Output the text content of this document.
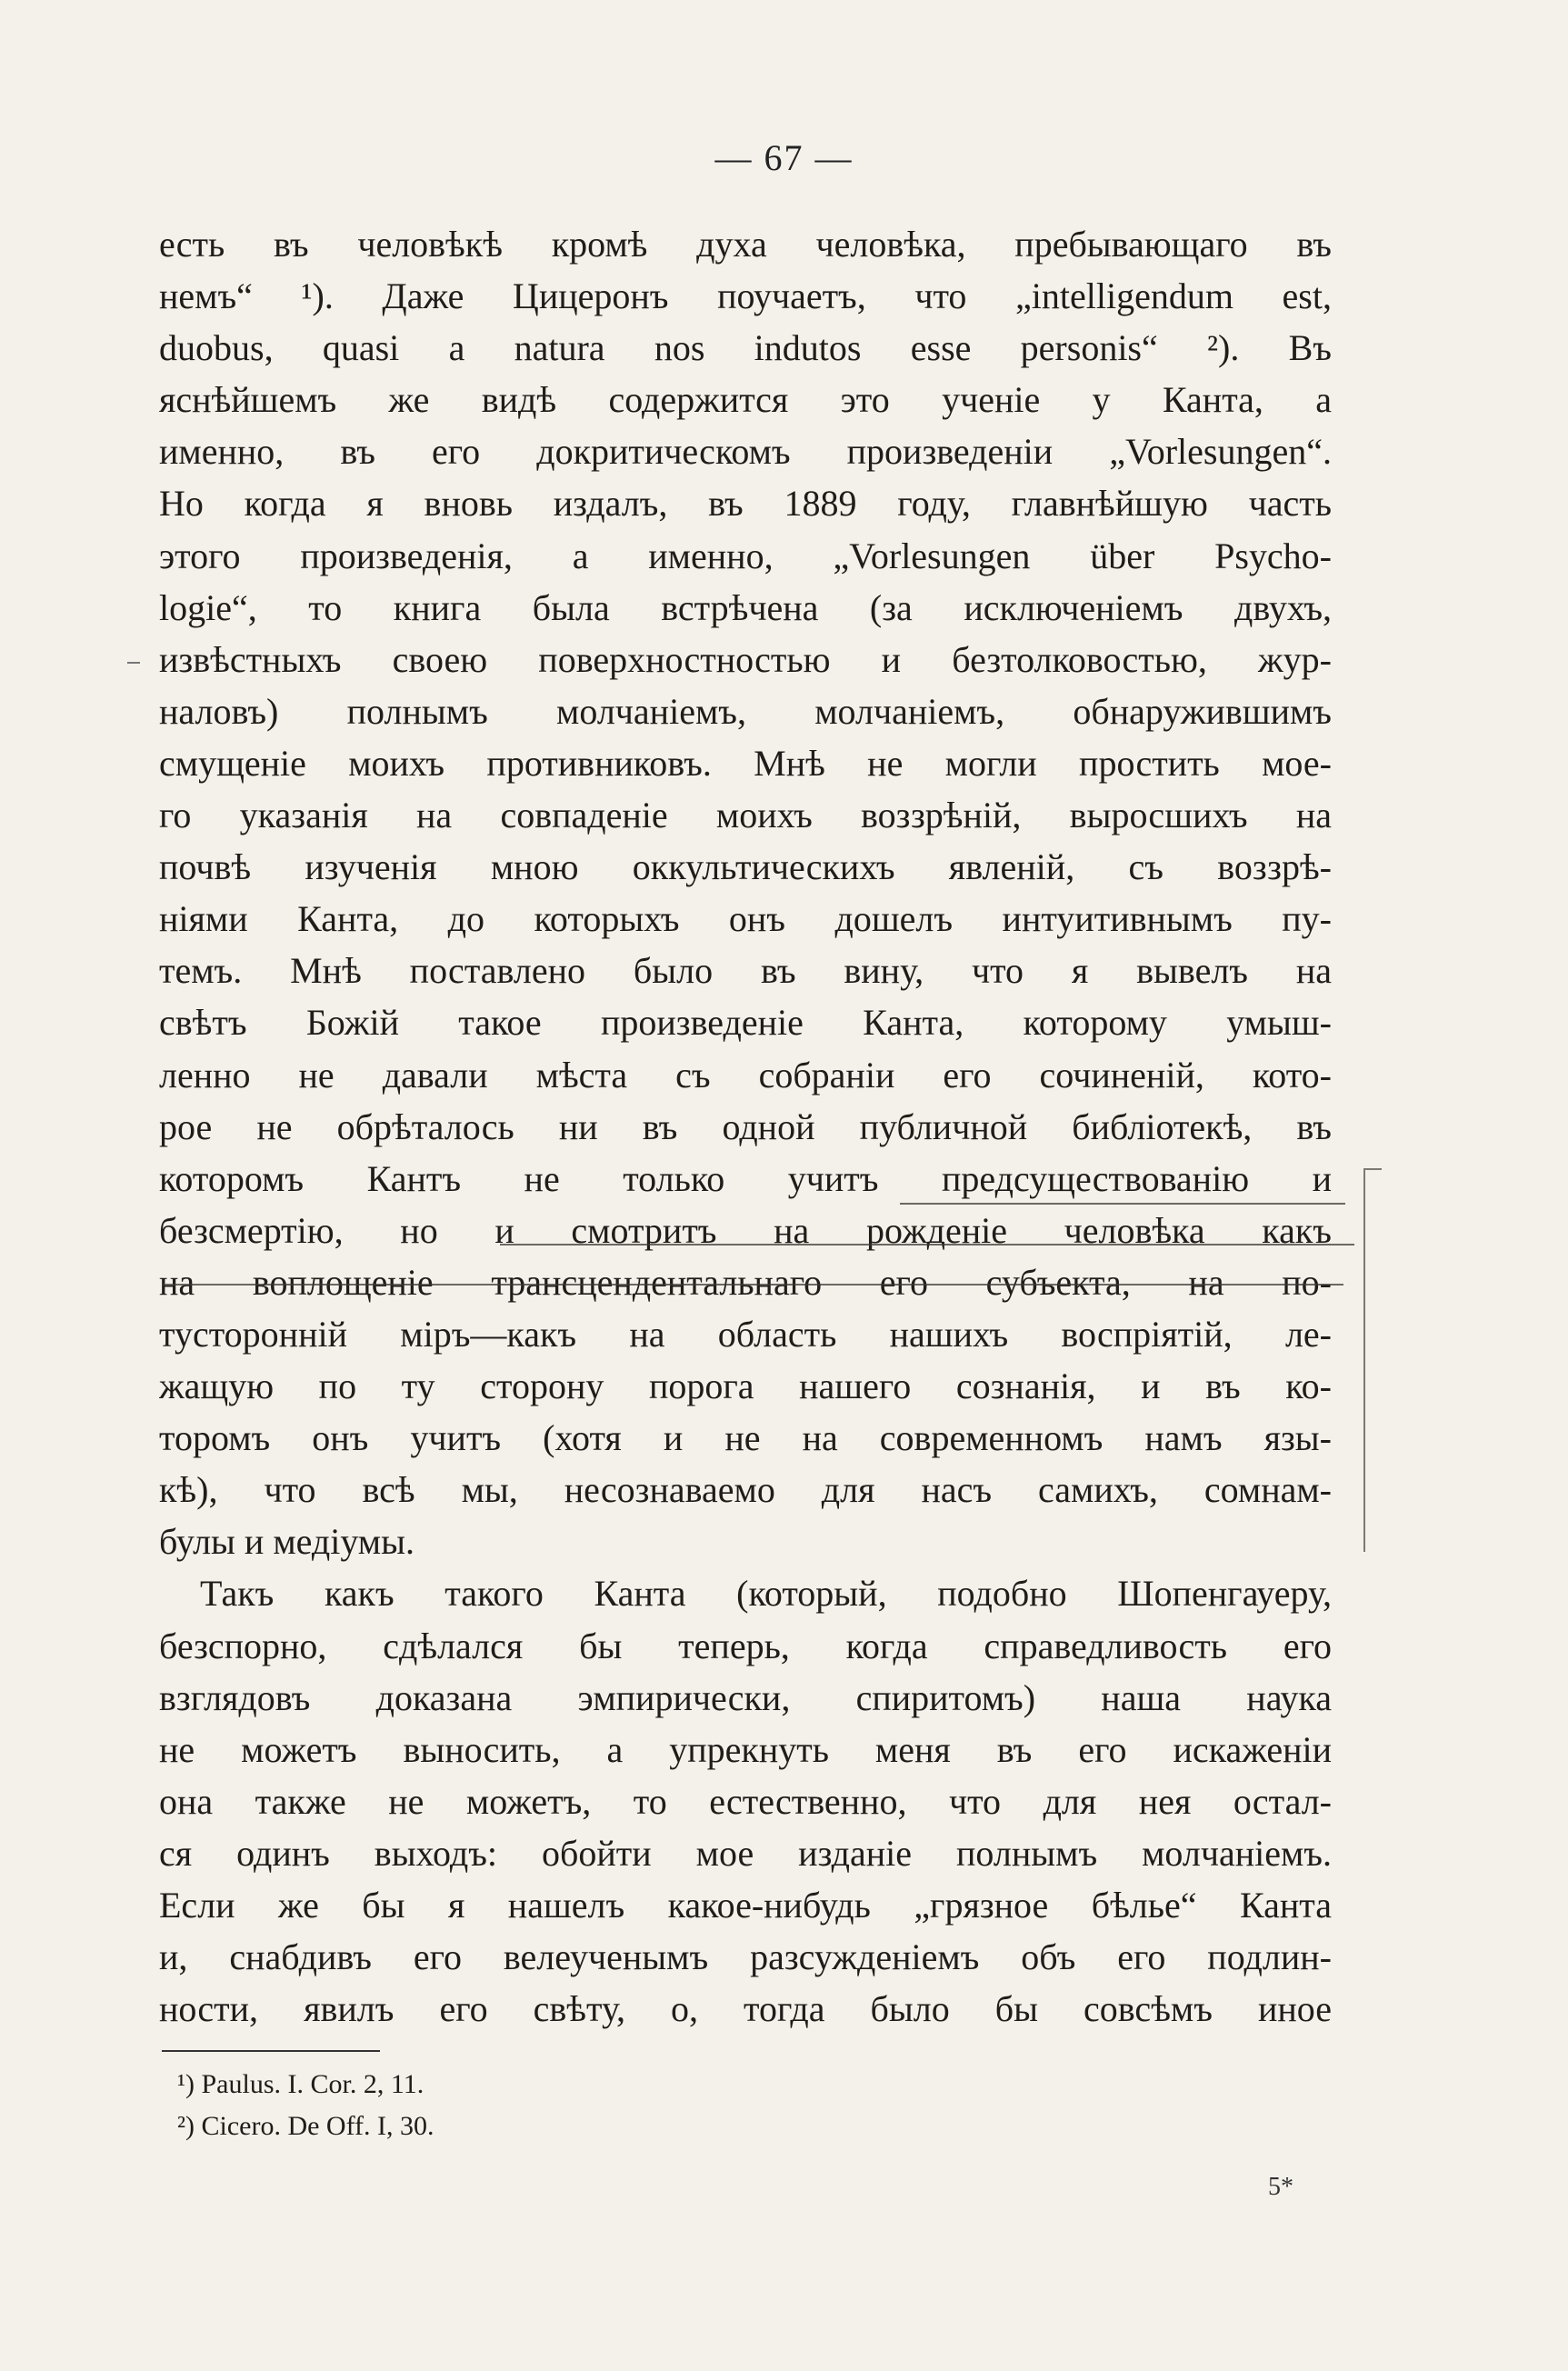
— 67 —
есть въ человѣкѣ кромѣ духа человѣка, пребывающаго въ
немъ“ ¹). Даже Цицеронъ поучаетъ, что „intelligendum est,
duobus, quasi a natura nos indutos esse personis“ ²). Въ
яснѣйшемъ же видѣ содержится это ученіе у Канта, а
именно, въ его докритическомъ произведеніи „Vorlesungen“.
Но когда я вновь издалъ, въ 1889 году, главнѣйшую часть
этого произведенія, а именно, „Vorlesungen über Psycho-
logie“, то книга была встрѣчена (за исключеніемъ двухъ,
извѣстныхъ своею поверхностностью и безтолковостью, жур-
наловъ) полнымъ молчаніемъ, молчаніемъ, обнаружившимъ
смущеніе моихъ противниковъ. Мнѣ не могли простить мое-
го указанія на совпаденіе моихъ воззрѣній, выросшихъ на
почвѣ изученія мною оккультическихъ явленій, съ воззрѣ-
ніями Канта, до которыхъ онъ дошелъ интуитивнымъ пу-
темъ. Мнѣ поставлено было въ вину, что я вывелъ на
свѣтъ Божій такое произведеніе Канта, которому умыш-
ленно не давали мѣста съ собраніи его сочиненій, кото-
рое не обрѣталось ни въ одной публичной библіотекѣ, въ
которомъ Кантъ не только учитъ предсуществованію и
безсмертію, но и смотритъ на рожденіе человѣка какъ
на воплощеніе трансцендентальнаго его субъекта, на по-
тусторонній міръ—какъ на область нашихъ воспріятій, ле-
жащую по ту сторону порога нашего сознанія, и въ ко-
торомъ онъ учитъ (хотя и не на современномъ намъ язы-
кѣ), что всѣ мы, несознаваемо для насъ самихъ, сомнам-
булы и медіумы.
Такъ какъ такого Канта (который, подобно Шопенгауеру,
безспорно, сдѣлался бы теперь, когда справедливость его
взглядовъ доказана эмпирически, спиритомъ) наша наука
не можетъ выносить, а упрекнуть меня въ его искаженіи
она также не можетъ, то естественно, что для нея остал-
ся одинъ выходъ: обойти мое изданіе полнымъ молчаніемъ.
Если же бы я нашелъ какое-нибудь „грязное бѣлье“ Канта
и, снабдивъ его велеученымъ разсужденіемъ объ его подлин-
ности, явилъ его свѣту, о, тогда было бы совсѣмъ иное
¹) Paulus. I. Cor. 2, 11.
²) Cicero. De Off. I, 30.
5*
